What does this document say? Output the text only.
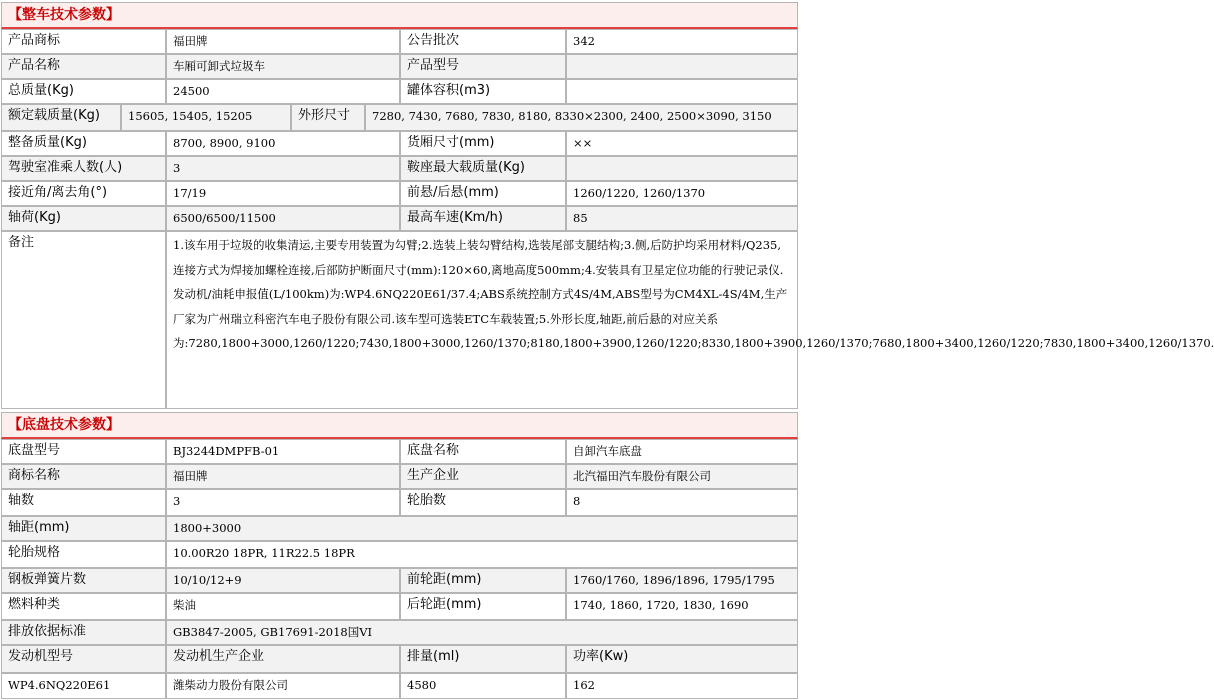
【整车技术参数】
产品商标	福田牌	公告批次	342
产品名称	车厢可卸式垃圾车	产品型号
总质量(Kg)	24500	罐体容积(m3)
额定载质量(Kg)	15605, 15405, 15205	外形尺寸	7280, 7430, 7680, 7830, 8180, 8330×2300, 2400, 2500×3090, 3150
整备质量(Kg)	8700, 8900, 9100	货厢尺寸(mm)	××
驾驶室准乘人数(人)	3	鞍座最大载质量(Kg)
接近角/离去角(°)	17/19	前悬/后悬(mm)	1260/1220, 1260/1370
轴荷(Kg)	6500/6500/11500	最高车速(Km/h)	85
备注	1.该车用于垃圾的收集清运,主要专用装置为勾臂;2.选装上装勾臂结构,选装尾部支腿结构;3.侧,后防护均采用材料/Q235,连接方式为焊接加螺栓连接,后部防护断面尺寸(mm):120×60,离地高度500mm;4.安装具有卫星定位功能的行驶记录仪.发动机/油耗申报值(L/100km)为:WP4.6NQ220E61/37.4;ABS系统控制方式4S/4M,ABS型号为CM4XL-4S/4M,生产厂家为广州瑞立科密汽车电子股份有限公司.该车型可选装ETC车载装置;5.外形长度,轴距,前后悬的对应关系为:7280,1800+3000,1260/1220;7430,1800+3000,1260/1370;8180,1800+3900,1260/1220;8330,1800+3900,1260/1370;7680,1800+3400,1260/1220;7830,1800+3400,1260/1370.
【底盘技术参数】
底盘型号	BJ3244DMPFB-01	底盘名称	自卸汽车底盘
商标名称	福田牌	生产企业	北汽福田汽车股份有限公司
轴数	3	轮胎数	8
轴距(mm)	1800+3000
轮胎规格	10.00R20 18PR, 11R22.5 18PR
钢板弹簧片数	10/10/12+9	前轮距(mm)	1760/1760, 1896/1896, 1795/1795
燃料种类	柴油	后轮距(mm)	1740, 1860, 1720, 1830, 1690
排放依据标准	GB3847-2005, GB17691-2018国VI
发动机型号	发动机生产企业	排量(ml)	功率(Kw)
WP4.6NQ220E61	潍柴动力股份有限公司	4580	162
